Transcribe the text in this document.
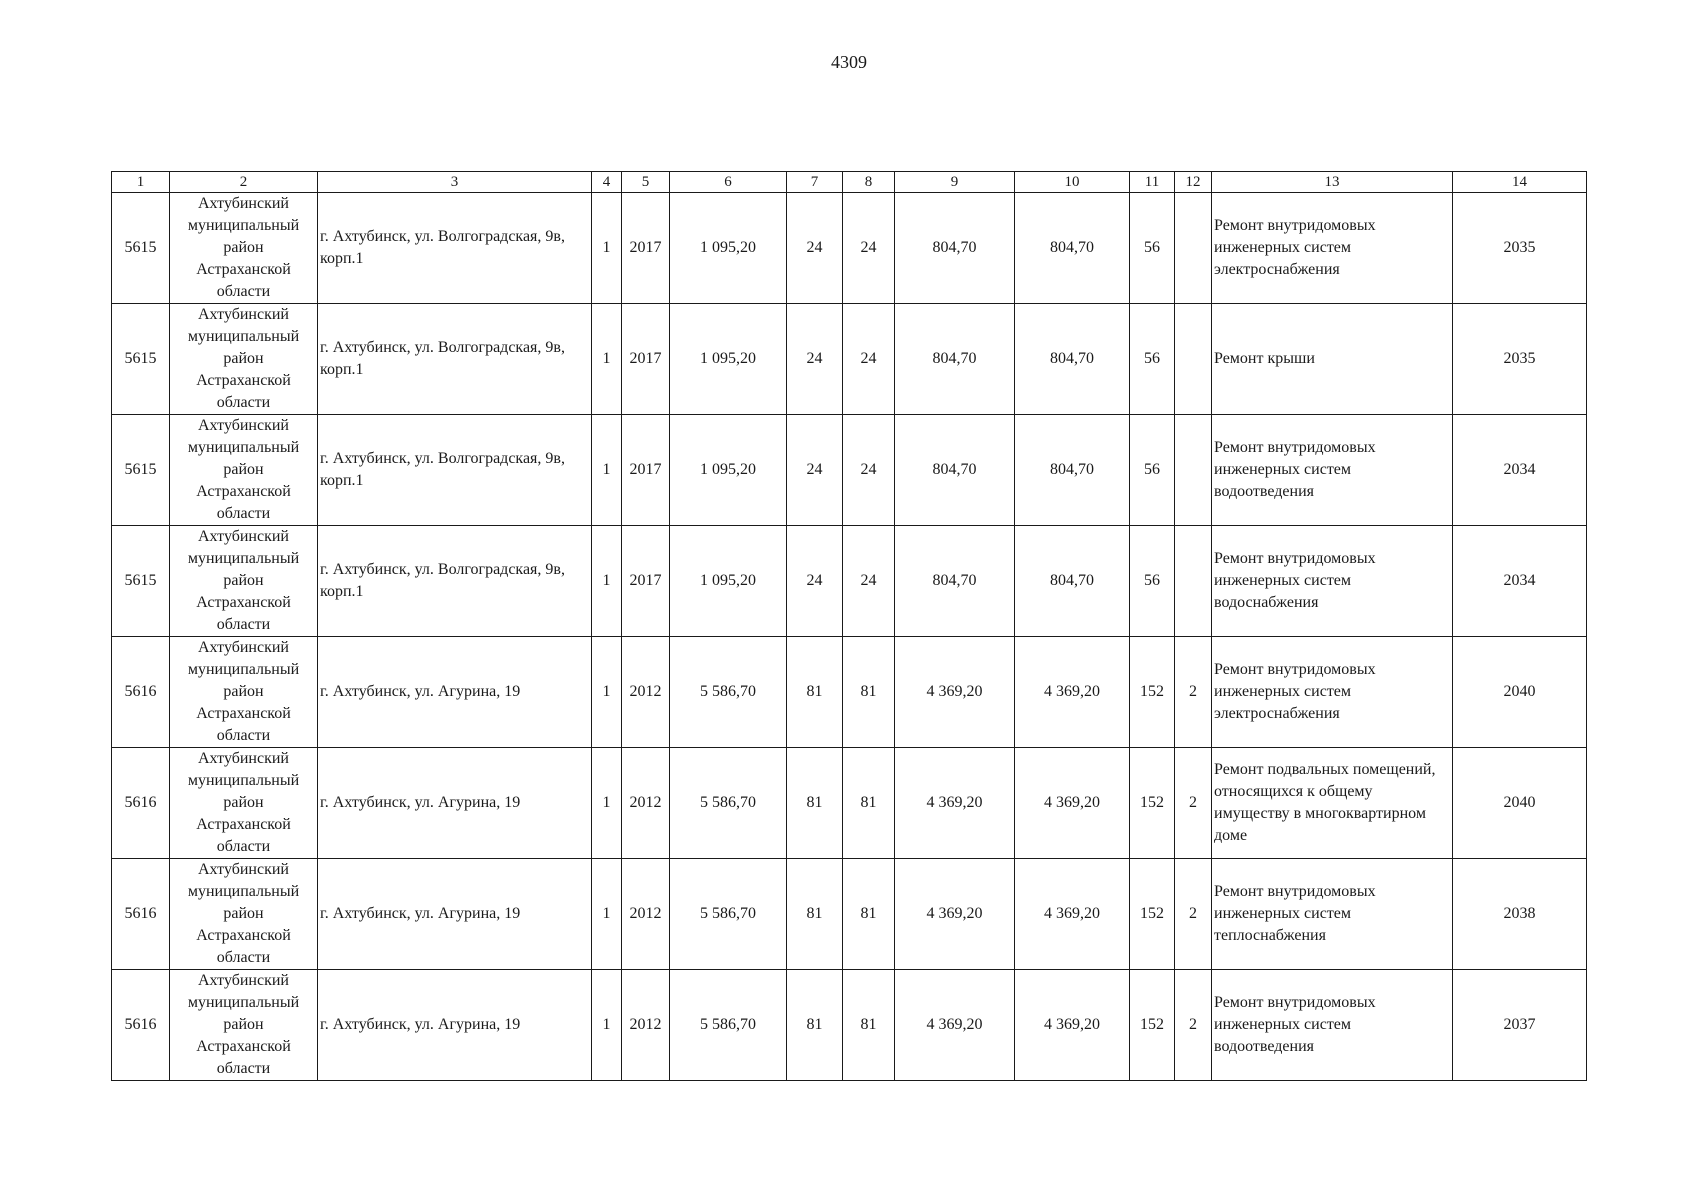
4309
1	2	3	4	5	6	7	8	9	10	11	12	13	14
5615	Ахтубинский
муниципальный
район
Астраханской
области	г. Ахтубинск, ул. Волгоградская, 9в, корп.1	1	2017	1 095,20	24	24	804,70	804,70	56		Ремонт внутридомовых инженерных систем электроснабжения	2035
5615	Ахтубинский
муниципальный
район
Астраханской
области	г. Ахтубинск, ул. Волгоградская, 9в, корп.1	1	2017	1 095,20	24	24	804,70	804,70	56		Ремонт крыши	2035
5615	Ахтубинский
муниципальный
район
Астраханской
области	г. Ахтубинск, ул. Волгоградская, 9в, корп.1	1	2017	1 095,20	24	24	804,70	804,70	56		Ремонт внутридомовых инженерных систем водоотведения	2034
5615	Ахтубинский
муниципальный
район
Астраханской
области	г. Ахтубинск, ул. Волгоградская, 9в, корп.1	1	2017	1 095,20	24	24	804,70	804,70	56		Ремонт внутридомовых инженерных систем водоснабжения	2034
5616	Ахтубинский
муниципальный
район
Астраханской
области	г. Ахтубинск, ул. Агурина, 19	1	2012	5 586,70	81	81	4 369,20	4 369,20	152	2	Ремонт внутридомовых инженерных систем электроснабжения	2040
5616	Ахтубинский
муниципальный
район
Астраханской
области	г. Ахтубинск, ул. Агурина, 19	1	2012	5 586,70	81	81	4 369,20	4 369,20	152	2	Ремонт подвальных помещений, относящихся к общему имуществу в многоквартирном доме	2040
5616	Ахтубинский
муниципальный
район
Астраханской
области	г. Ахтубинск, ул. Агурина, 19	1	2012	5 586,70	81	81	4 369,20	4 369,20	152	2	Ремонт внутридомовых инженерных систем теплоснабжения	2038
5616	Ахтубинский
муниципальный
район
Астраханской
области	г. Ахтубинск, ул. Агурина, 19	1	2012	5 586,70	81	81	4 369,20	4 369,20	152	2	Ремонт внутридомовых инженерных систем водоотведения	2037
